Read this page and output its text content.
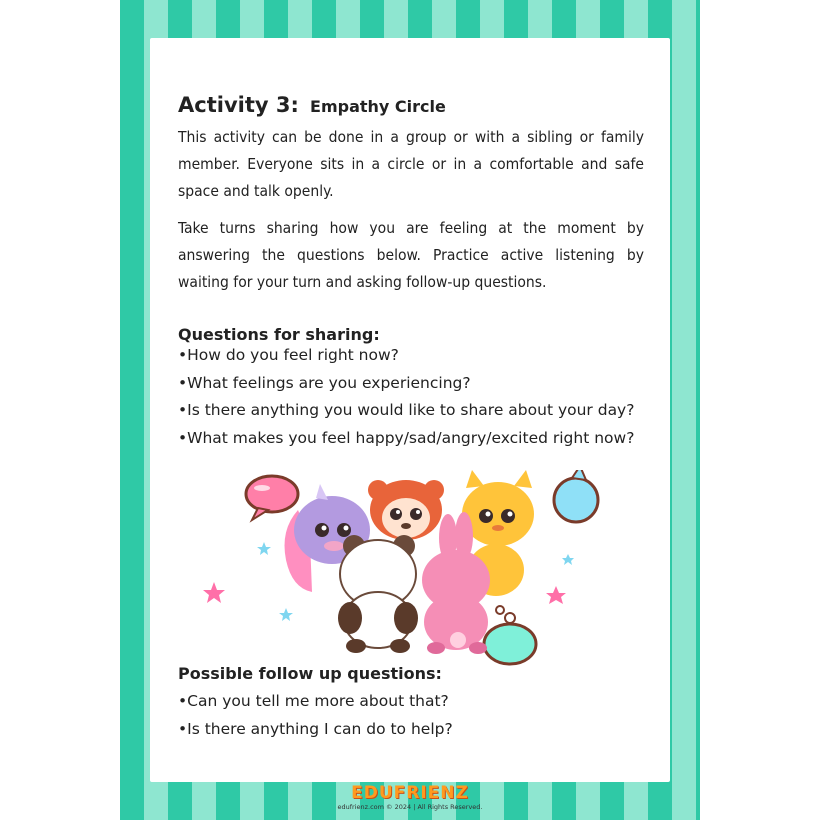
Activity 3: Empathy Circle

This activity can be done in a group or with a sibling or family member. Everyone sits in a circle or in a comfortable and safe space and talk openly.

Take turns sharing how you are feeling at the moment by answering the questions below. Practice active listening by waiting for your turn and asking follow-up questions.

Questions for sharing:
• How do you feel right now?
• What feelings are you experiencing?
• Is there anything you would like to share about your day?
• What makes you feel happy/sad/angry/excited right now?
Possible follow up questions:
• Can you tell me more about that?
• Is there anything I can do to help?
EDUFRIENZ
edufrienz.com © 2024 | All Rights Reserved.
